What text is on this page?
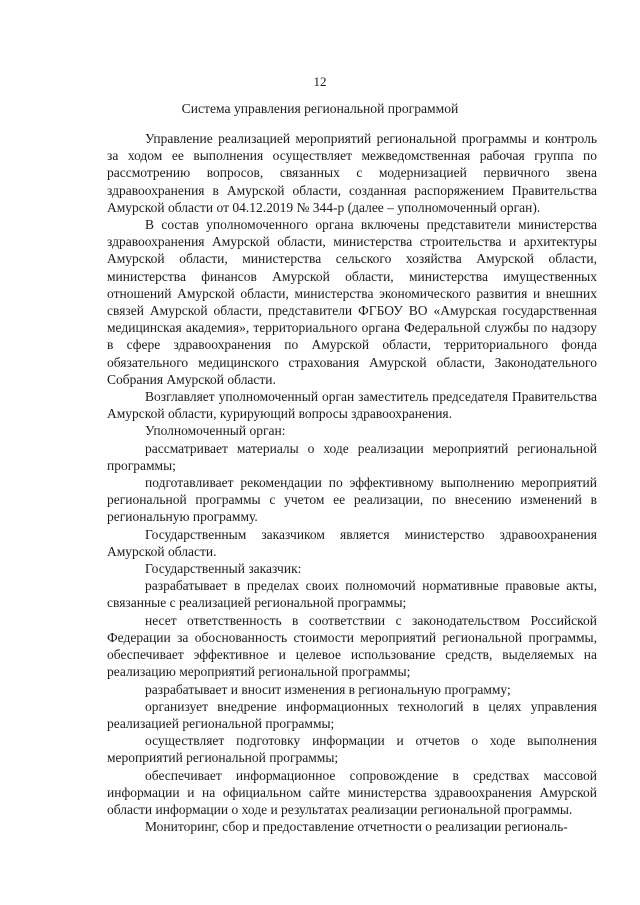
12
Система управления региональной программой

Управление реализацией мероприятий региональной программы и контроль за ходом ее выполнения осуществляет межведомственная рабочая группа по рассмотрению вопросов, связанных с модернизацией первичного звена здравоохранения в Амурской области, созданная распоряжением Правительства Амурской области от 04.12.2019 № 344-р (далее – уполномоченный орган).

В состав уполномоченного органа включены представители министерства здравоохранения Амурской области, министерства строительства и архитектуры Амурской области, министерства сельского хозяйства Амурской области, министерства финансов Амурской области, министерства имущественных отношений Амурской области, министерства экономического развития и внешних связей Амурской области, представители ФГБОУ ВО «Амурская государственная медицинская академия», территориального органа Федеральной службы по надзору в сфере здравоохранения по Амурской области, территориального фонда обязательного медицинского страхования Амурской области, Законодательного Собрания Амурской области.

Возглавляет уполномоченный орган заместитель председателя Правительства Амурской области, курирующий вопросы здравоохранения.

Уполномоченный орган:

рассматривает материалы о ходе реализации мероприятий региональной программы;

подготавливает рекомендации по эффективному выполнению мероприятий региональной программы с учетом ее реализации, по внесению изменений в региональную программу.

Государственным заказчиком является министерство здравоохранения Амурской области.

Государственный заказчик:

разрабатывает в пределах своих полномочий нормативные правовые акты, связанные с реализацией региональной программы;

несет ответственность в соответствии с законодательством Российской Федерации за обоснованность стоимости мероприятий региональной программы, обеспечивает эффективное и целевое использование средств, выделяемых на реализацию мероприятий региональной программы;

разрабатывает и вносит изменения в региональную программу;

организует внедрение информационных технологий в целях управления реализацией региональной программы;

осуществляет подготовку информации и отчетов о ходе выполнения мероприятий региональной программы;

обеспечивает информационное сопровождение в средствах массовой информации и на официальном сайте министерства здравоохранения Амурской области информации о ходе и результатах реализации региональной программы.

Мониторинг, сбор и предоставление отчетности о реализации региональ-
